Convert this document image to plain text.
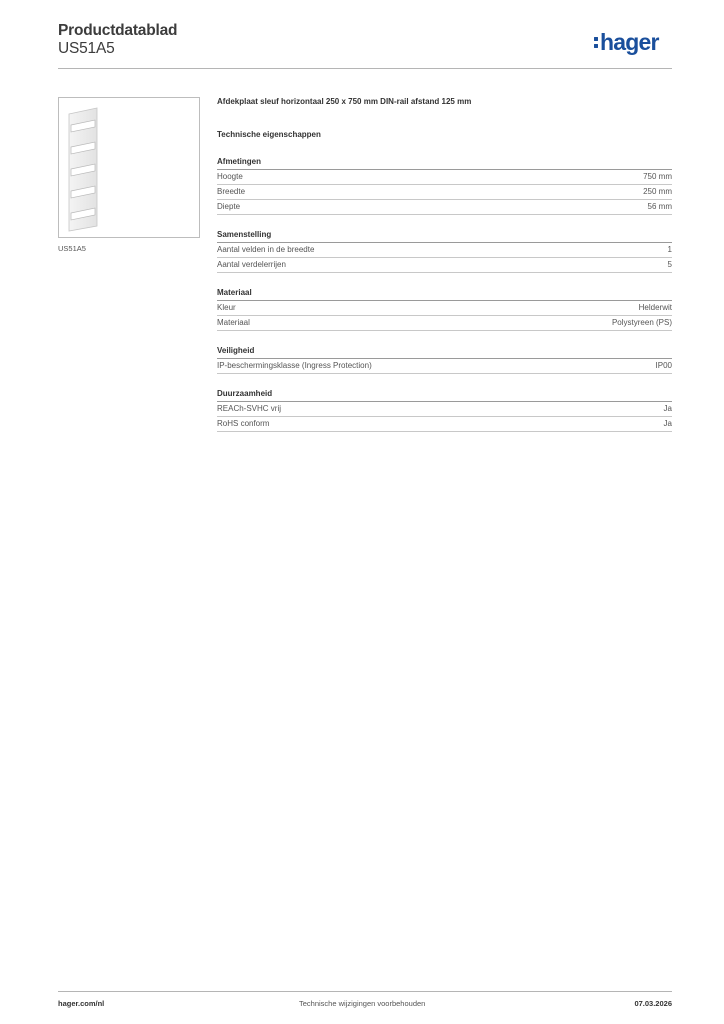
Productdatablad
US51A5	hager
US51A5
Afdekplaat sleuf horizontaal 250 x 750 mm DIN-rail afstand 125 mm
Technische eigenschappen
Afmetingen
Hoogte	750 mm
Breedte	250 mm
Diepte	56 mm
Samenstelling
Aantal velden in de breedte	1
Aantal verdelerrijen	5
Materiaal
Kleur	Helderwit
Materiaal	Polystyreen (PS)
Veiligheid
IP-beschermingsklasse (Ingress Protection)	IP00
Duurzaamheid
REACh-SVHC vrij	Ja
RoHS conform	Ja
hager.com/nl	Technische wijzigingen voorbehouden	07.03.2026
